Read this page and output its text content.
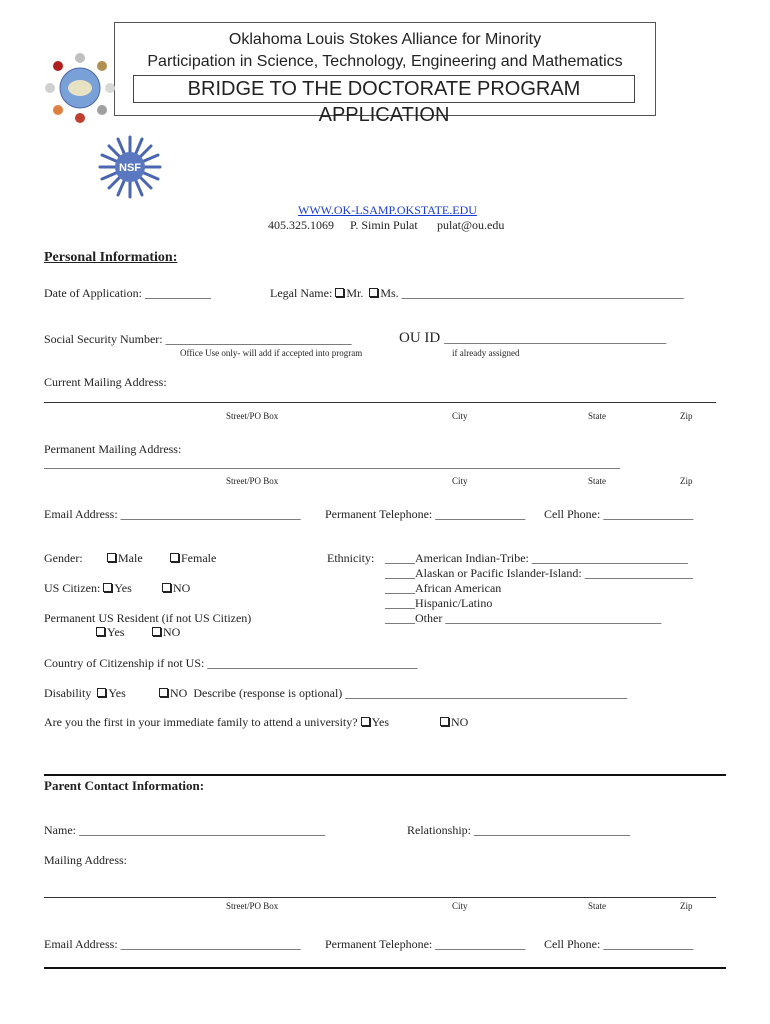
Oklahoma Louis Stokes Alliance for Minority
Participation in Science, Technology, Engineering and Mathematics
BRIDGE TO THE DOCTORATE PROGRAM APPLICATION
NSF
WWW.OK-LSAMP.OKSTATE.EDU
405.325.1069 P. Simin Pulat pulat@ou.edu
Personal Information:
Date of Application: ___________	Legal Name: Mr. Ms. _______________________________________________
Social Security Number: _______________________________
Office Use only- will add if accepted into program
OU ID _____________________________________
if already assigned
Current Mailing Address:
Street/PO Box	City	State	Zip
Permanent Mailing Address:
________________________________________________________________________________________________
Street/PO Box	City	State	Zip
Email Address: ______________________________ Permanent Telephone: _______________ Cell Phone: _______________
Gender:	Male	Female	Ethnicity: _____American Indian-Tribe: __________________________
_____Alaskan or Pacific Islander-Island: __________________
_____African American
_____Hispanic/Latino
_____Other ____________________________________
US Citizen: Yes	NO
Permanent US Resident (if not US Citizen)
Yes	NO
Country of Citizenship if not US: ___________________________________
Disability  Yes	NO Describe (response is optional) _______________________________________________
Are you the first in your immediate family to attend a university? Yes	NO
Parent Contact Information:
Name: _________________________________________	Relationship: __________________________
Mailing Address:
Street/PO Box	City	State	Zip
Email Address: ______________________________ Permanent Telephone: _______________ Cell Phone: _______________
